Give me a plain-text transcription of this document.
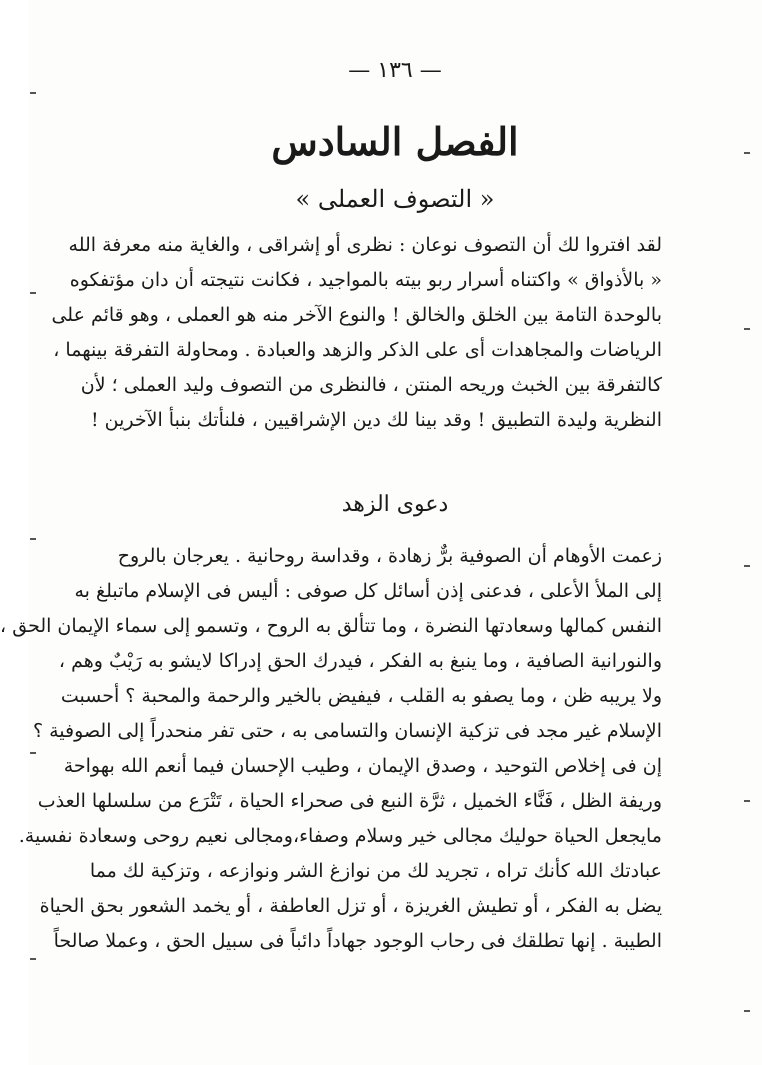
— ١٣٦ —
الفصل السادس
« التصوف العملى »
لقد افتروا لك أن التصوف نوعان : نظرى أو إشراقى ، والغاية منه معرفة الله
« بالأذواق » واكتناه أسرار ربو بيته بالمواجيد ، فكانت نتيجته أن دان مؤتفكوه
بالوحدة التامة بين الخلق والخالق ! والنوع الآخر منه هو العملى ، وهو قائم على
الرياضات والمجاهدات أى على الذكر والزهد والعبادة . ومحاولة التفرقة بينهما ،
كالتفرقة بين الخبث وريحه المنتن ، فالنظرى من التصوف وليد العملى ؛ لأن
النظرية وليدة التطبيق ! وقد بينا لك دين الإشراقيين ، فلنأتك بنبأ الآخرين !
دعوى الزهد
زعمت الأوهام أن الصوفية برٌّ زهادة ، وقداسة روحانية . يعرجان بالروح
إلى الملأ الأعلى ، فدعنى إذن أسائل كل صوفى : أليس فى الإسلام ماتبلغ به
النفس كمالها وسعادتها النضرة ، وما تتألق به الروح ، وتسمو إلى سماء الإيمان الحق ،
والنورانية الصافية ، وما ينبغ به الفكر ، فيدرك الحق إدراكا لايشو به رَيْبٌ وهم ،
ولا يريبه ظن ، وما يصفو به القلب ، فيفيض بالخير والرحمة والمحبة ؟ أحسبت
الإسلام غير مجد فى تزكية الإنسان والتسامى به ، حتى تفر منحدراً إلى الصوفية ؟
إن فى إخلاص التوحيد ، وصدق الإيمان ، وطيب الإحسان فيما أنعم الله بهواحة
وريفة الظل ، فَنَّاء الخميل ، ثرَّة النبع فى صحراء الحياة ، تَتْرَع من سلسلها العذب
مايجعل الحياة حوليك مجالى خير وسلام وصفاء،ومجالى نعيم روحى وسعادة نفسية.
عبادتك الله كأنك تراه ، تجريد لك من نوازغ الشر ونوازعه ، وتزكية لك مما
يضل به الفكر ، أو تطيش الغريزة ، أو تزل العاطفة ، أو يخمد الشعور بحق الحياة
الطيبة . إنها تطلقك فى رحاب الوجود جهاداً دائباً فى سبيل الحق ، وعملا صالحاً
